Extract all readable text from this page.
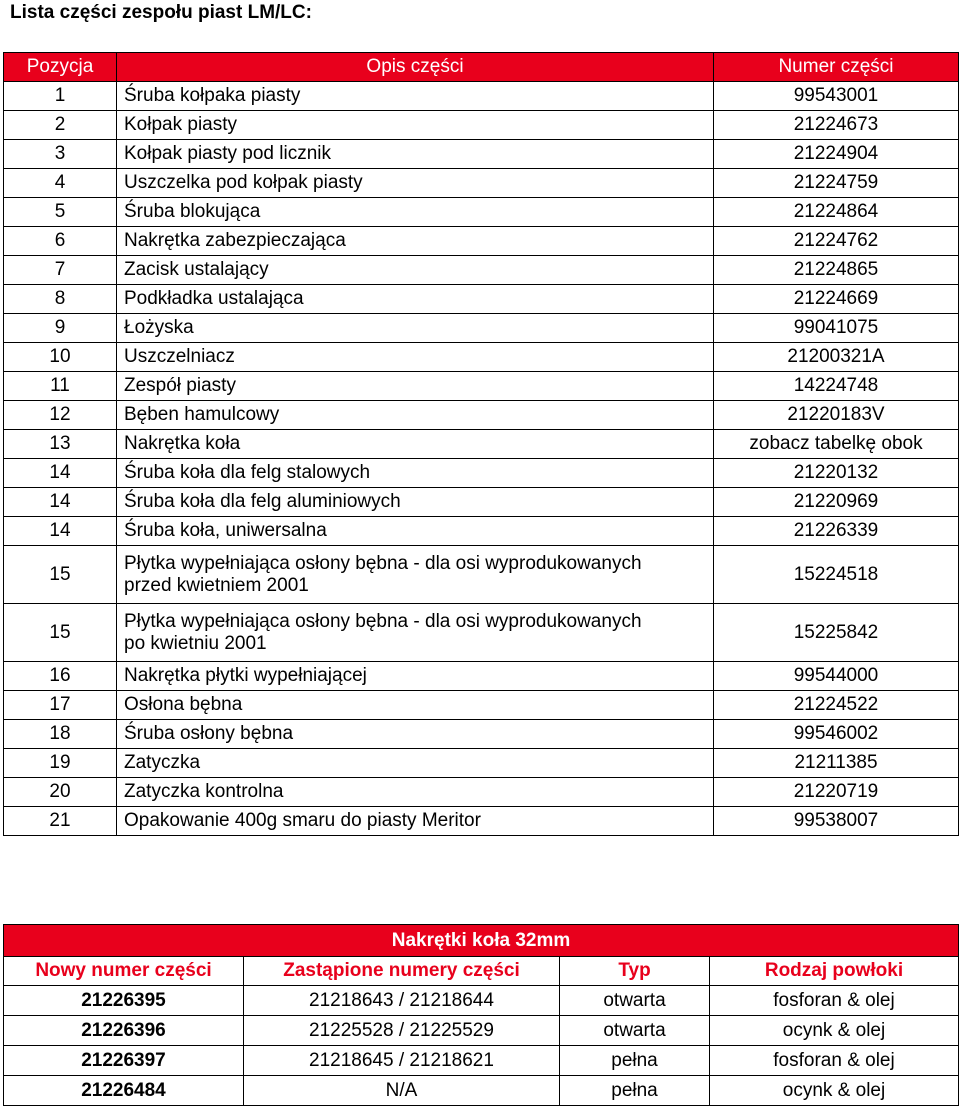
Lista części zespołu piast LM/LC:
Pozycja	Opis części	Numer części
1	Śruba kołpaka piasty	99543001
2	Kołpak piasty	21224673
3	Kołpak piasty pod licznik	21224904
4	Uszczelka pod kołpak piasty	21224759
5	Śruba blokująca	21224864
6	Nakrętka zabezpieczająca	21224762
7	Zacisk ustalający	21224865
8	Podkładka ustalająca	21224669
9	Łożyska	99041075
10	Uszczelniacz	21200321A
11	Zespół piasty	14224748
12	Bęben hamulcowy	21220183V
13	Nakrętka koła	zobacz tabelkę obok
14	Śruba koła dla felg stalowych	21220132
14	Śruba koła dla felg aluminiowych	21220969
14	Śruba koła, uniwersalna	21226339
15	Płytka wypełniająca osłony bębna - dla osi wyprodukowanych
przed kwietniem 2001	15224518
15	Płytka wypełniająca osłony bębna - dla osi wyprodukowanych
po kwietniu 2001	15225842
16	Nakrętka płytki wypełniającej	99544000
17	Osłona bębna	21224522
18	Śruba osłony bębna	99546002
19	Zatyczka	21211385
20	Zatyczka kontrolna	21220719
21	Opakowanie 400g smaru do piasty Meritor	99538007
Nakrętki koła 32mm			
Nowy numer części	Zastąpione numery części	Typ	Rodzaj powłoki
21226395	21218643 / 21218644	otwarta	fosforan & olej
21226396	21225528 / 21225529	otwarta	ocynk & olej
21226397	21218645 / 21218621	pełna	fosforan & olej
21226484	N/A	pełna	ocynk & olej
